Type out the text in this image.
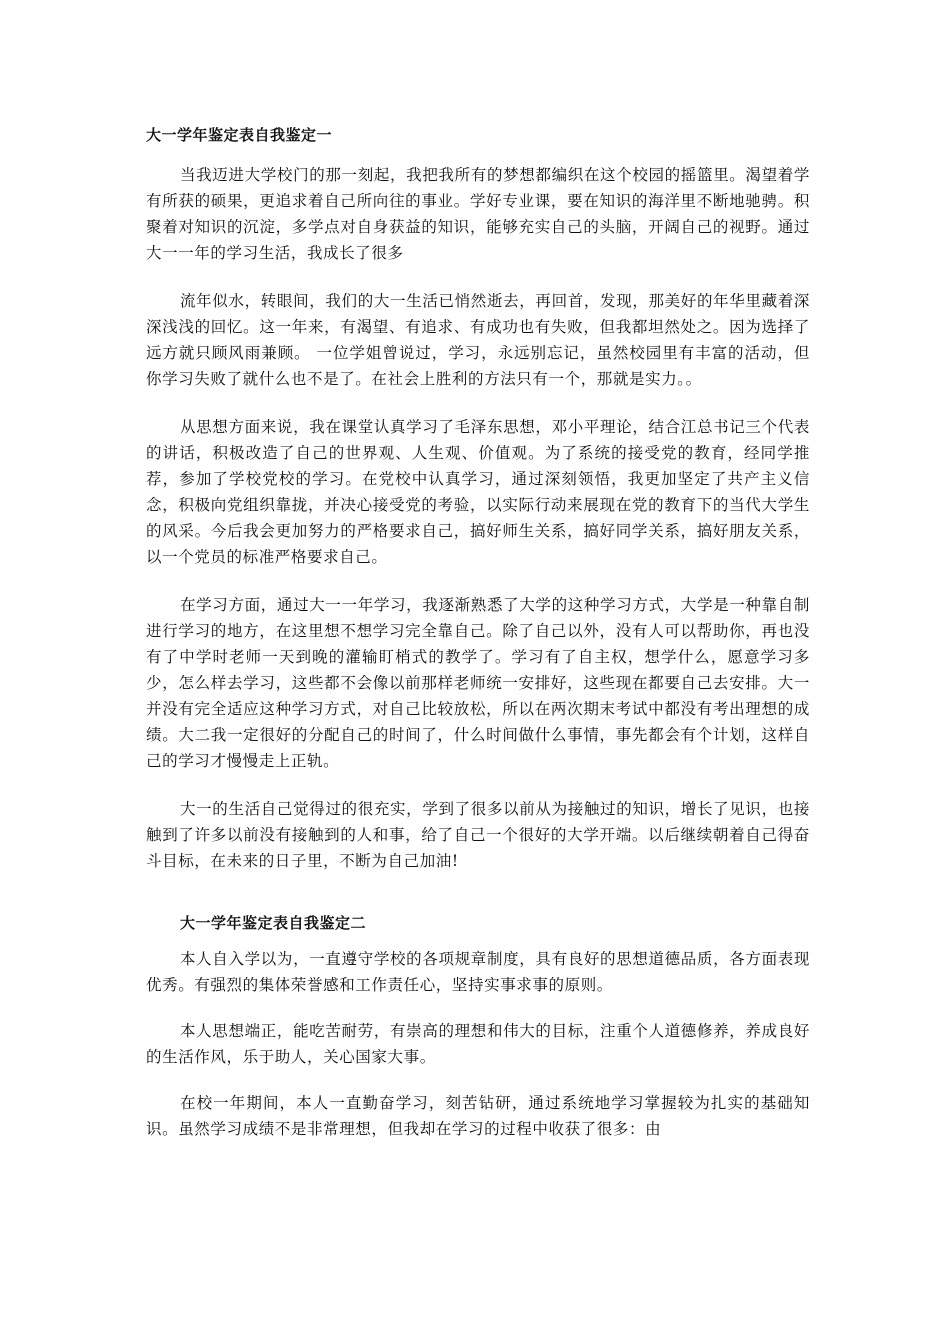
大一学年鉴定表自我鉴定一

当我迈进大学校门的那一刻起，我把我所有的梦想都编织在这个校园的摇篮里。渴望着学有所获的硕果，更追求着自己所向往的事业。学好专业课，要在知识的海洋里不断地驰骋。积聚着对知识的沉淀，多学点对自身获益的知识，能够充实自己的头脑，开阔自己的视野。通过大一一年的学习生活，我成长了很多

流年似水，转眼间，我们的大一生活已悄然逝去，再回首，发现，那美好的年华里藏着深深浅浅的回忆。这一年来，有渴望、有追求、有成功也有失败，但我都坦然处之。因为选择了远方就只顾风雨兼顾。 一位学姐曾说过，学习，永远别忘记，虽然校园里有丰富的活动，但你学习失败了就什么也不是了。在社会上胜利的方法只有一个，那就是实力。。

从思想方面来说，我在课堂认真学习了毛泽东思想，邓小平理论，结合江总书记三个代表的讲话，积极改造了自己的世界观、人生观、价值观。为了系统的接受党的教育，经同学推荐，参加了学校党校的学习。在党校中认真学习，通过深刻领悟，我更加坚定了共产主义信念，积极向党组织靠拢，并决心接受党的考验，以实际行动来展现在党的教育下的当代大学生的风采。今后我会更加努力的严格要求自己，搞好师生关系，搞好同学关系，搞好朋友关系，以一个党员的标准严格要求自己。

在学习方面，通过大一一年学习，我逐渐熟悉了大学的这种学习方式，大学是一种靠自制进行学习的地方，在这里想不想学习完全靠自己。除了自己以外，没有人可以帮助你，再也没有了中学时老师一天到晚的灌输盯梢式的教学了。学习有了自主权，想学什么，愿意学习多少，怎么样去学习，这些都不会像以前那样老师统一安排好，这些现在都要自己去安排。大一并没有完全适应这种学习方式，对自己比较放松，所以在两次期末考试中都没有考出理想的成绩。大二我一定很好的分配自己的时间了，什么时间做什么事情，事先都会有个计划，这样自己的学习才慢慢走上正轨。

大一的生活自己觉得过的很充实，学到了很多以前从为接触过的知识，增长了见识，也接触到了许多以前没有接触到的人和事，给了自己一个很好的大学开端。以后继续朝着自己得奋斗目标，在未来的日子里，不断为自己加油!

大一学年鉴定表自我鉴定二

本人自入学以为，一直遵守学校的各项规章制度，具有良好的思想道德品质，各方面表现优秀。有强烈的集体荣誉感和工作责任心，坚持实事求事的原则。

本人思想端正，能吃苦耐劳，有崇高的理想和伟大的目标，注重个人道德修养，养成良好的生活作风，乐于助人，关心国家大事。

在校一年期间，本人一直勤奋学习，刻苦钻研，通过系统地学习掌握较为扎实的基础知识。虽然学习成绩不是非常理想，但我却在学习的过程中收获了很多：由
